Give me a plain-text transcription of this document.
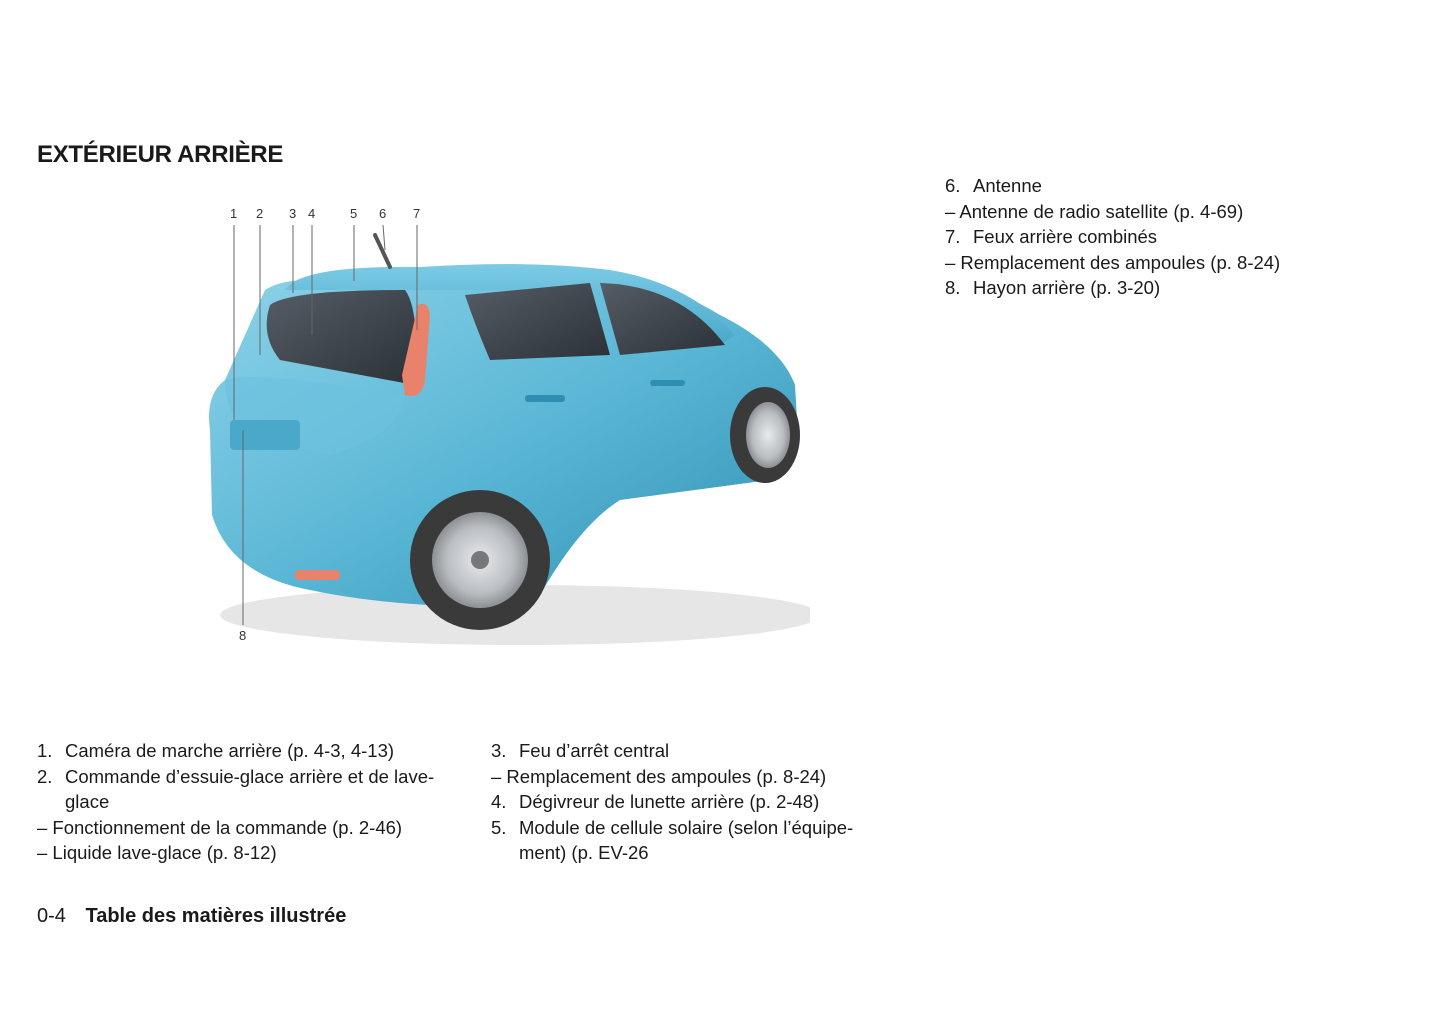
EXTÉRIEUR ARRIÈRE
1 2 3 4	5 6 7
8
1. Caméra de marche arrière (p. 4-3, 4-13)
2. Commande d’essuie-glace arrière et de lave-glace
– Fonctionnement de la commande (p. 2-46)
– Liquide lave-glace (p. 8-12)
3. Feu d’arrêt central
– Remplacement des ampoules (p. 8-24)
4. Dégivreur de lunette arrière (p. 2-48)
5. Module de cellule solaire (selon l’équipe-ment) (p. EV-26
6. Antenne
– Antenne de radio satellite (p. 4-69)
7. Feux arrière combinés
– Remplacement des ampoules (p. 8-24)
8. Hayon arrière (p. 3-20)
0-4 Table des matières illustrée
